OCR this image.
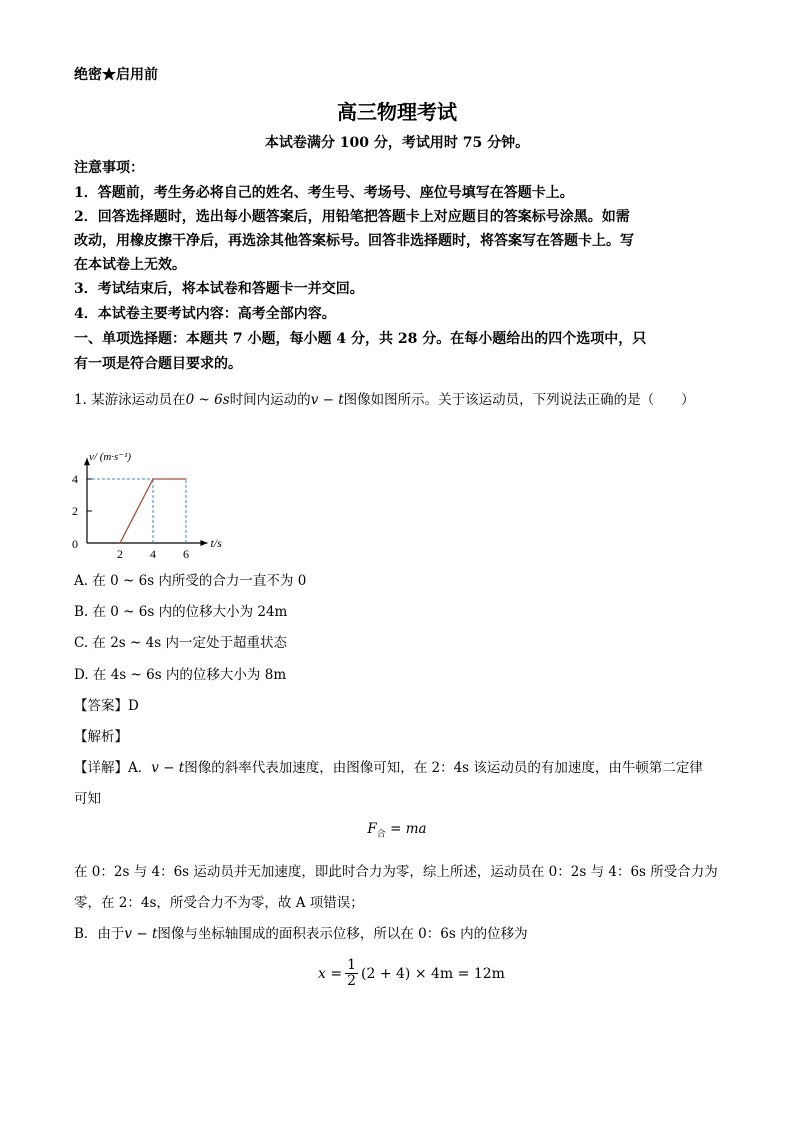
绝密★启用前
高三物理考试
本试卷满分 100 分，考试用时 75 分钟。
注意事项：
1．答题前，考生务必将自己的姓名、考生号、考场号、座位号填写在答题卡上。
2．回答选择题时，选出每小题答案后，用铅笔把答题卡上对应题目的答案标号涂黑。如需
改动，用橡皮擦干净后，再选涂其他答案标号。回答非选择题时，将答案写在答题卡上。写
在本试卷上无效。
3．考试结束后，将本试卷和答题卡一并交回。
4．本试卷主要考试内容：高考全部内容。
一、单项选择题：本题共 7 小题，每小题 4 分，共 28 分。在每小题给出的四个选项中，只
有一项是符合题目要求的。
1. 某游泳运动员在0 ~ 6s时间内运动的v − t图像如图所示。关于该运动员，下列说法正确的是（　　）
4
2
2 4 6
0
v/ (m·s⁻¹)
t/s
A. 在 0 ~ 6s 内所受的合力一直不为 0
B. 在 0 ~ 6s 内的位移大小为 24m
C. 在 2s ~ 4s 内一定处于超重状态
D. 在 4s ~ 6s 内的位移大小为 8m
【答案】D
【解析】
【详解】A．v − t图像的斜率代表加速度，由图像可知，在 2：4s 该运动员的有加速度，由牛顿第二定律
可知
$F_合$ = ma
在 0：2s 与 4：6s 运动员并无加速度，即此时合力为零，综上所述，运动员在 0：2s 与 4：6s 所受合力为
零，在 2：4s，所受合力不为零，故 A 项错误；
B．由于v − t图像与坐标轴围成的面积表示位移，所以在 0：6s 内的位移为
$x = \frac{1}{2} (2 + 4) \times 4m = 12m$
